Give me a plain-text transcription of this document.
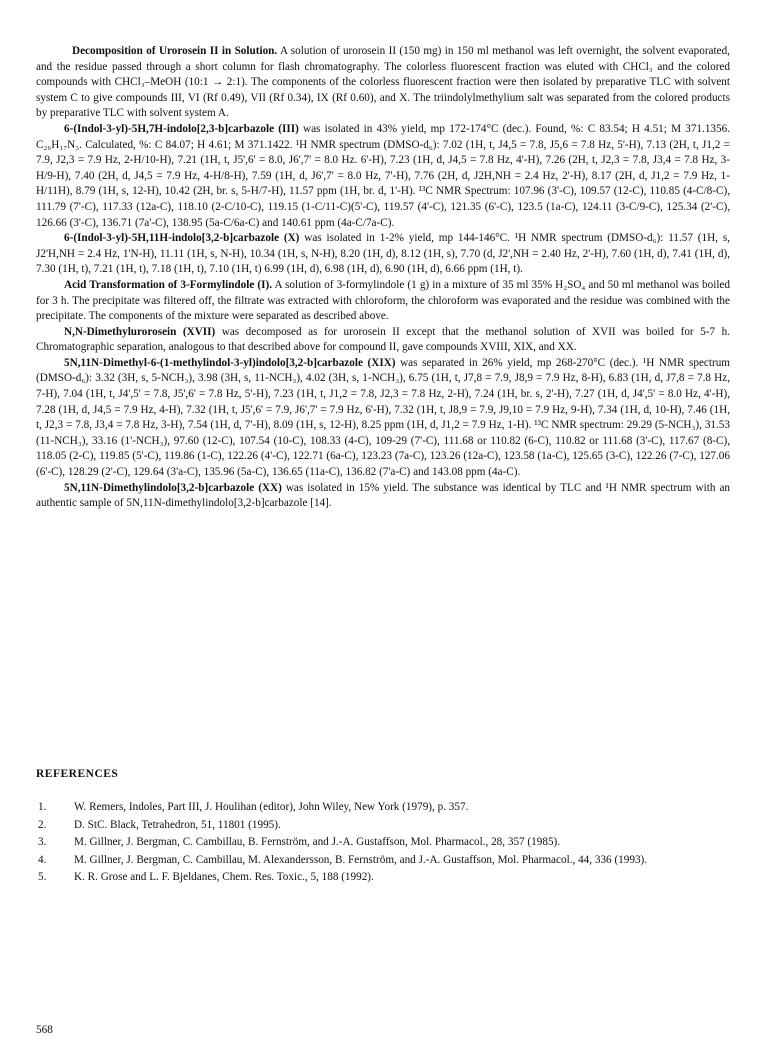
Decomposition of Urorosein II in Solution. A solution of urorosein II (150 mg) in 150 ml methanol was left overnight, the solvent evaporated, and the residue passed through a short column for flash chromatography. The colorless fluorescent fraction was eluted with CHCl₃ and the colored compounds with CHCl₃–MeOH (10:1 → 2:1). The components of the colorless fluorescent fraction were then isolated by preparative TLC with solvent system C to give compounds III, VI (Rf 0.49), VII (Rf 0.34), IX (Rf 0.60), and X. The triindolylmethylium salt was separated from the colored products by preparative TLC with solvent system A.

6-(Indol-3-yl)-5H,7H-indolo[2,3-b]carbazole (III) was isolated in 43% yield, mp 172-174°C (dec.). Found, %: C 83.54; H 4.51; M 371.1356. C₂₆H₁₇N₃. Calculated, %: C 84.07; H 4.61; M 371.1422. ¹H NMR spectrum (DMSO-d₆): 7.02 (1H, t, J4,5 = 7.8, J5,6 = 7.8 Hz, 5'-H), 7.13 (2H, t, J1,2 = 7.9, J2,3 = 7.9 Hz, 2-H/10-H), 7.21 (1H, t, J5',6' = 8.0, J6',7' = 8.0 Hz. 6'-H), 7.23 (1H, d, J4,5 = 7.8 Hz, 4'-H), 7.26 (2H, t, J2,3 = 7.8, J3,4 = 7.8 Hz, 3-H/9-H), 7.40 (2H, d, J4,5 = 7.9 Hz, 4-H/8-H), 7.59 (1H, d, J6',7' = 8.0 Hz, 7'-H), 7.76 (2H, d, J2H,NH = 2.4 Hz, 2'-H), 8.17 (2H, d, J1,2 = 7.9 Hz, 1-H/11H), 8.79 (1H, s, 12-H), 10.42 (2H, br. s, 5-H/7-H), 11.57 ppm (1H, br. d, 1'-H). ¹³C NMR Spectrum: 107.96 (3'-C), 109.57 (12-C), 110.85 (4-C/8-C), 111.79 (7'-C), 117.33 (12a-C), 118.10 (2-C/10-C), 119.15 (1-C/11-C)(5'-C), 119.57 (4'-C), 121.35 (6'-C), 123.5 (1a-C), 124.11 (3-C/9-C), 125.34 (2'-C), 126.66 (3'-C), 136.71 (7a'-C), 138.95 (5a-C/6a-C) and 140.61 ppm (4a-C/7a-C).

6-(Indol-3-yl)-5H,11H-indolo[3,2-b]carbazole (X) was isolated in 1-2% yield, mp 144-146°C. ¹H NMR spectrum (DMSO-d₆): 11.57 (1H, s, J2'H,NH = 2.4 Hz, 1'N-H), 11.11 (1H, s, N-H), 10.34 (1H, s, N-H), 8.20 (1H, d), 8.12 (1H, s), 7.70 (d, J2',NH = 2.40 Hz, 2'-H), 7.60 (1H, d), 7.41 (1H, d), 7.30 (1H, t), 7.21 (1H, t), 7.18 (1H, t), 7.10 (1H, t) 6.99 (1H, d), 6.98 (1H, d), 6.90 (1H, d), 6.66 ppm (1H, t).

Acid Transformation of 3-Formylindole (I). A solution of 3-formylindole (1 g) in a mixture of 35 ml 35% H₂SO₄ and 50 ml methanol was boiled for 3 h. The precipitate was filtered off, the filtrate was extracted with chloroform, the chloroform was evaporated and the residue was combined with the precipitate. The components of the mixture were separated as described above.

N,N-Dimethylurorosein (XVII) was decomposed as for urorosein II except that the methanol solution of XVII was boiled for 5-7 h. Chromatographic separation, analogous to that described above for compound II, gave compounds XVIII, XIX, and XX.

5N,11N-Dimethyl-6-(1-methylindol-3-yl)indolo[3,2-b]carbazole (XIX) was separated in 26% yield, mp 268-270°C (dec.). ¹H NMR spectrum (DMSO-d₆): 3.32 (3H, s, 5-NCH₃), 3.98 (3H, s, 11-NCH₃), 4.02 (3H, s, 1-NCH₃), 6.75 (1H, t, J7,8 = 7.9, J8,9 = 7.9 Hz, 8-H), 6.83 (1H, d, J7,8 = 7.8 Hz, 7-H), 7.04 (1H, t, J4',5' = 7.8, J5',6' = 7.8 Hz, 5'-H), 7.23 (1H, t, J1,2 = 7.8, J2,3 = 7.8 Hz, 2-H), 7.24 (1H, br. s, 2'-H), 7.27 (1H, d, J4',5' = 8.0 Hz, 4'-H), 7.28 (1H, d, J4,5 = 7.9 Hz, 4-H), 7.32 (1H, t, J5',6' = 7.9, J6',7' = 7.9 Hz, 6'-H), 7.32 (1H, t, J8,9 = 7.9, J9,10 = 7.9 Hz, 9-H), 7.34 (1H, d, 10-H), 7.46 (1H, t, J2,3 = 7.8, J3,4 = 7.8 Hz, 3-H), 7.54 (1H, d, 7'-H), 8.09 (1H, s, 12-H), 8.25 ppm (1H, d, J1,2 = 7.9 Hz, 1-H). ¹³C NMR spectrum: 29.29 (5-NCH₃), 31.53 (11-NCH₃), 33.16 (1'-NCH₃), 97.60 (12-C), 107.54 (10-C), 108.33 (4-C), 109-29 (7'-C), 111.68 or 110.82 (6-C), 110.82 or 111.68 (3'-C), 117.67 (8-C), 118.05 (2-C), 119.85 (5'-C), 119.86 (1-C), 122.26 (4'-C), 122.71 (6a-C), 123.23 (7a-C), 123.26 (12a-C), 123.58 (1a-C), 125.65 (3-C), 122.26 (7-C), 127.06 (6'-C), 128.29 (2'-C), 129.64 (3'a-C), 135.96 (5a-C), 136.65 (11a-C), 136.82 (7'a-C) and 143.08 ppm (4a-C).

5N,11N-Dimethylindolo[3,2-b]carbazole (XX) was isolated in 15% yield. The substance was identical by TLC and ¹H NMR spectrum with an authentic sample of 5N,11N-dimethylindolo[3,2-b]carbazole [14].

REFERENCES
1.	W. Remers, Indoles, Part III, J. Houlihan (editor), John Wiley, New York (1979), p. 357.
2.	D. StC. Black, Tetrahedron, 51, 11801 (1995).
3.	M. Gillner, J. Bergman, C. Cambillau, B. Fernström, and J.-A. Gustaffson, Mol. Pharmacol., 28, 357 (1985).
4.	M. Gillner, J. Bergman, C. Cambillau, M. Alexandersson, B. Fernström, and J.-A. Gustaffson, Mol. Pharmacol., 44, 336 (1993).
5.	K. R. Grose and L. F. Bjeldanes, Chem. Res. Toxic., 5, 188 (1992).
568
